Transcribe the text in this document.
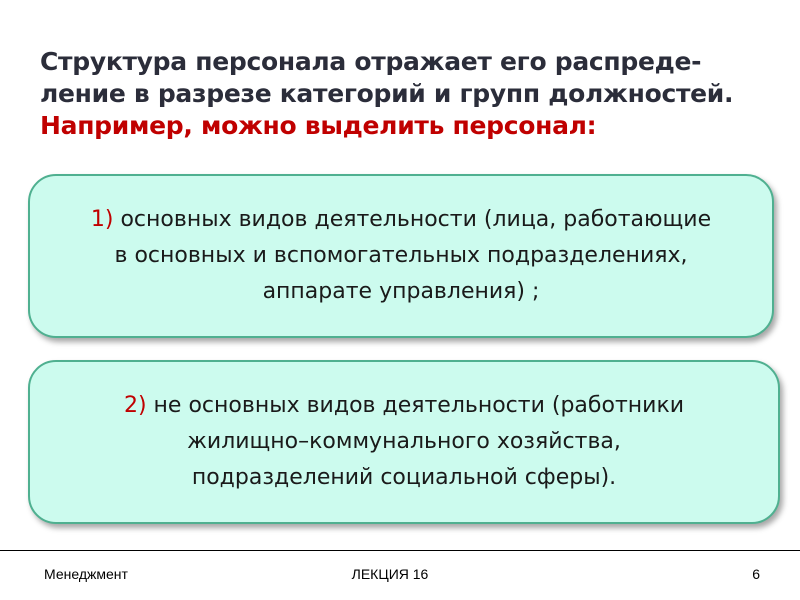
Структура персонала отражает его распреде-
ление в разрезе категорий и групп должностей.
Например, можно выделить персонал:
1) основных видов деятельности (лица, работающие
в основных и вспомогательных подразделениях,
аппарате управления) ;
2) не основных видов деятельности (работники
жилищно–коммунального хозяйства,
подразделений социальной сферы).
Менеджмент	ЛЕКЦИЯ 16	6
